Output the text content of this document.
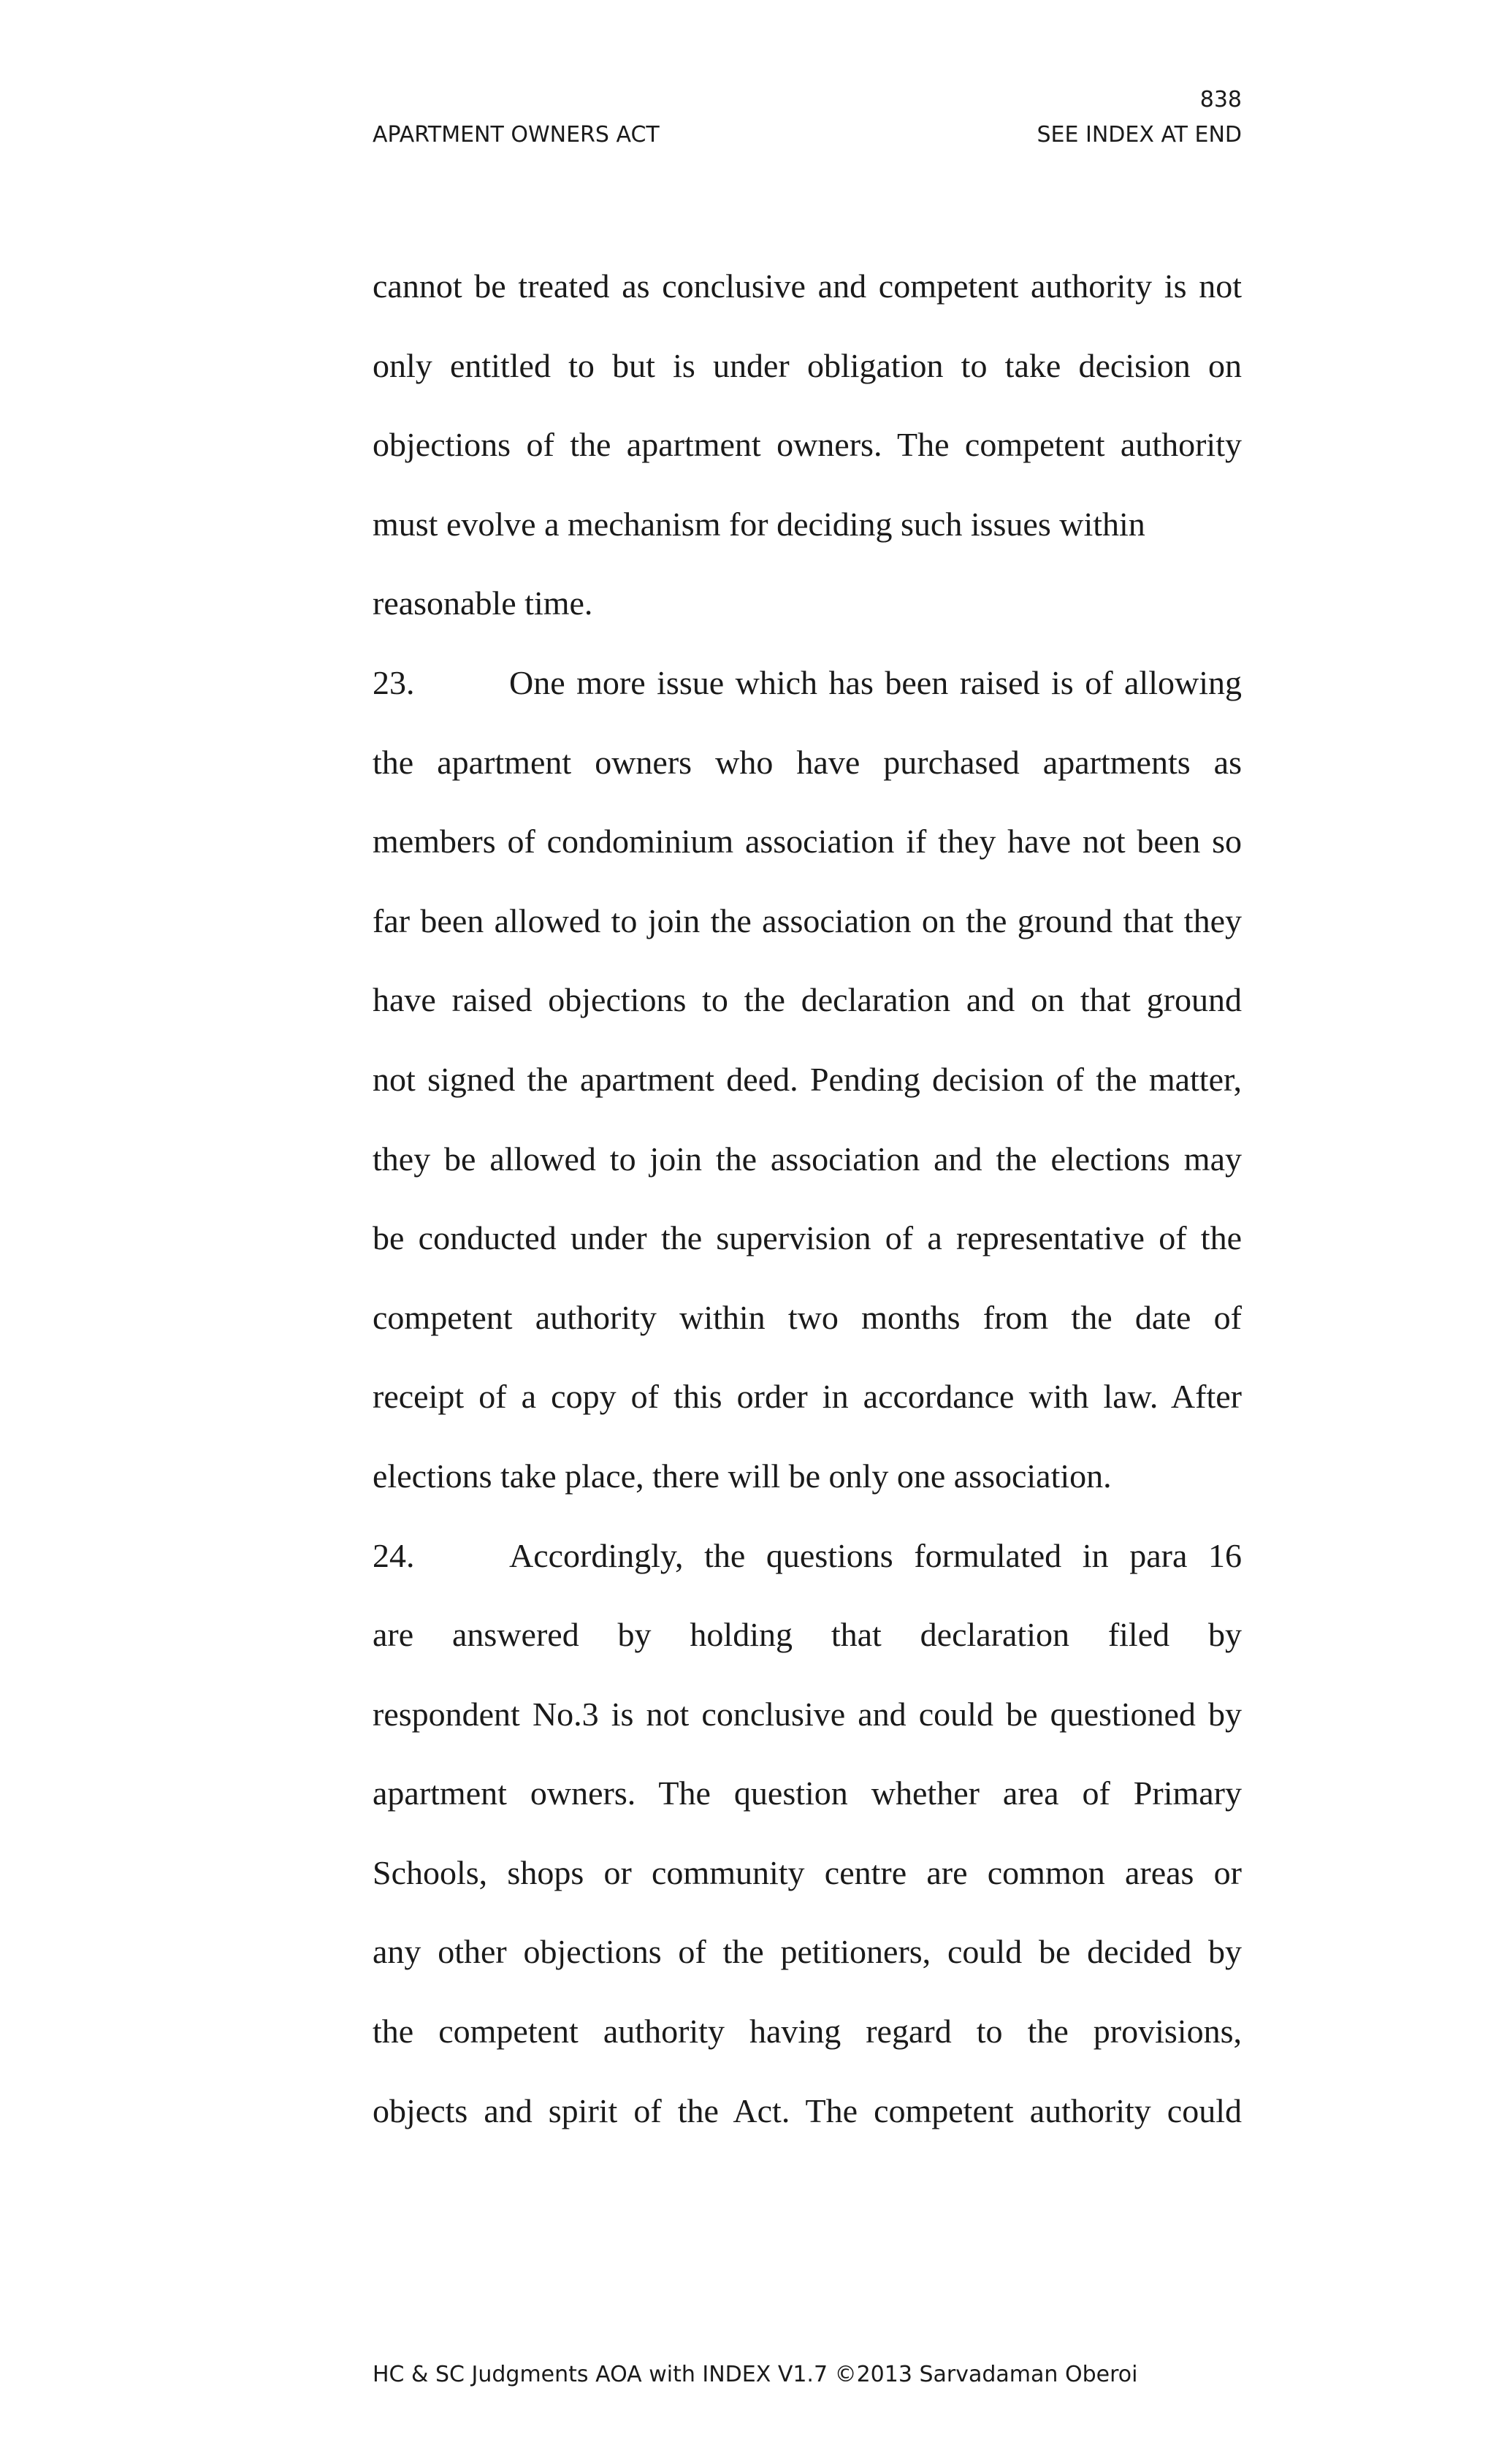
838
APARTMENT OWNERS ACT	SEE INDEX AT END
cannot be treated as conclusive and competent authority is not
only entitled to but is under obligation to take decision on
objections of the apartment owners. The competent authority
must evolve a mechanism for deciding such issues within
reasonable time.
23.	One more issue which has been raised is of allowing
the apartment owners who have purchased apartments as
members of condominium association if they have not been so
far been allowed to join the association on the ground that they
have raised objections to the declaration and on that ground
not signed the apartment deed. Pending decision of the matter,
they be allowed to join the association and the elections may
be conducted under the supervision of a representative of the
competent authority within two months from the date of
receipt of a copy of this order in accordance with law. After
elections take place, there will be only one association.
24.	Accordingly, the questions formulated in para 16
are answered by holding that declaration filed by
respondent No.3 is not conclusive and could be questioned by
apartment owners. The question whether area of Primary
Schools, shops or community centre are common areas or
any other objections of the petitioners, could be decided by
the competent authority having regard to the provisions,
objects and spirit of the Act. The competent authority could
HC & SC Judgments AOA with INDEX V1.7 ©2013 Sarvadaman Oberoi
